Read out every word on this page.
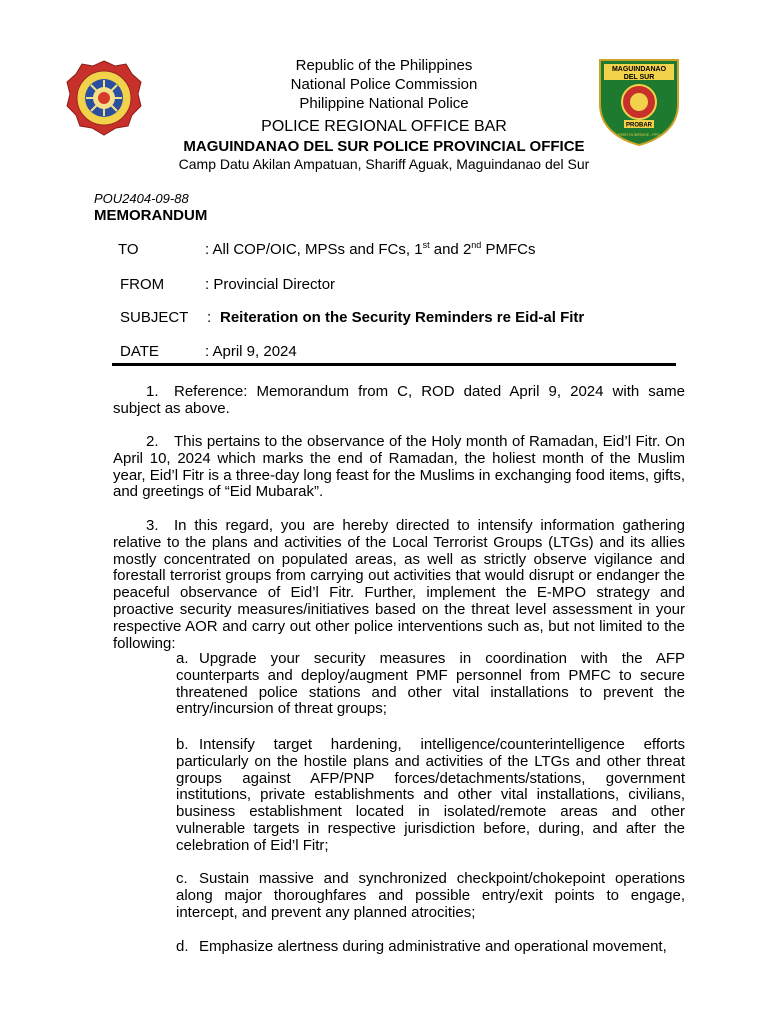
MAGUINDANAO
DEL SUR
PROBAR
FIRST IN SERVICE - PPO
Republic of the Philippines
National Police Commission
Philippine National Police
POLICE REGIONAL OFFICE BAR
MAGUINDANAO DEL SUR POLICE PROVINCIAL OFFICE
Camp Datu Akilan Ampatuan, Shariff Aguak, Maguindanao del Sur
POU2404-09-88
MEMORANDUM
TO	: All COP/OIC, MPSs and FCs, 1st and 2nd PMFCs
FROM	: Provincial Director
SUBJECT : Reiteration on the Security Reminders re Eid-al Fitr
DATE	: April 9, 2024

1. Reference: Memorandum from C, ROD dated April 9, 2024 with same subject as above.

2. This pertains to the observance of the Holy month of Ramadan, Eid’l Fitr. On April 10, 2024 which marks the end of Ramadan, the holiest month of the Muslim year, Eid’l Fitr is a three-day long feast for the Muslims in exchanging food items, gifts, and greetings of “Eid Mubarak”.

3. In this regard, you are hereby directed to intensify information gathering relative to the plans and activities of the Local Terrorist Groups (LTGs) and its allies mostly concentrated on populated areas, as well as strictly observe vigilance and forestall terrorist groups from carrying out activities that would disrupt or endanger the peaceful observance of Eid’l Fitr. Further, implement the E-MPO strategy and proactive security measures/initiatives based on the threat level assessment in your respective AOR and carry out other police interventions such as, but not limited to the following:

a. Upgrade your security measures in coordination with the AFP counterparts and deploy/augment PMF personnel from PMFC to secure threatened police stations and other vital installations to prevent the entry/incursion of threat groups;

b. Intensify target hardening, intelligence/counterintelligence efforts particularly on the hostile plans and activities of the LTGs and other threat groups against AFP/PNP forces/detachments/stations, government institutions, private establishments and other vital installations, civilians, business establishment located in isolated/remote areas and other vulnerable targets in respective jurisdiction before, during, and after the celebration of Eid’l Fitr;

c. Sustain massive and synchronized checkpoint/chokepoint operations along major thoroughfares and possible entry/exit points to engage, intercept, and prevent any planned atrocities;

d. Emphasize alertness during administrative and operational movement,
